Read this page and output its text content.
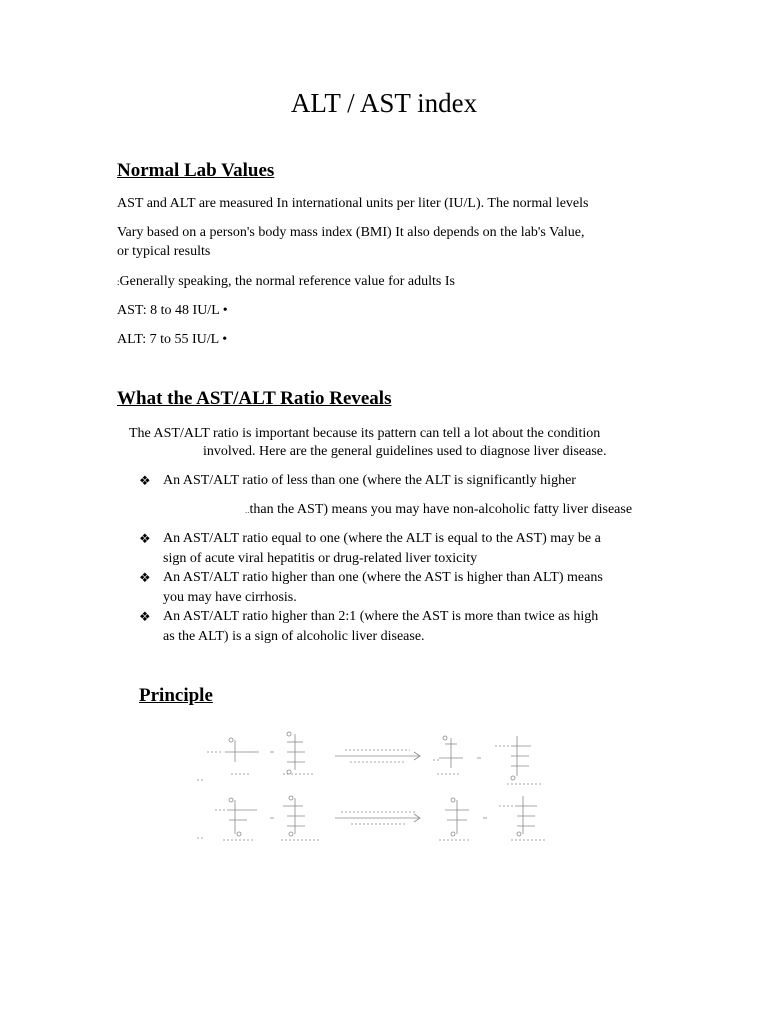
ALT / AST index
Normal Lab Values
AST and ALT are measured In international units per liter (IU/L). The normal levels
Vary based on a person's body mass index (BMI) It also depends on the lab's Value,
or typical results
:Generally speaking, the normal reference value for adults Is
AST: 8 to 48 IU/L •
ALT: 7 to 55 IU/L •
What the AST/ALT Ratio Reveals
The AST/ALT ratio is important because its pattern can tell a lot about the condition
involved. Here are the general guidelines used to diagnose liver disease.
❖ An AST/ALT ratio of less than one (where the ALT is significantly higher
..than the AST) means you may have non-alcoholic fatty liver disease
❖ An AST/ALT ratio equal to one (where the ALT is equal to the AST) may be a
sign of acute viral hepatitis or drug-related liver toxicity
❖ An AST/ALT ratio higher than one (where the AST is higher than ALT) means
you may have cirrhosis.
❖ An AST/ALT ratio higher than 2:1 (where the AST is more than twice as high
as the ALT) is a sign of alcoholic liver disease.
Principle
